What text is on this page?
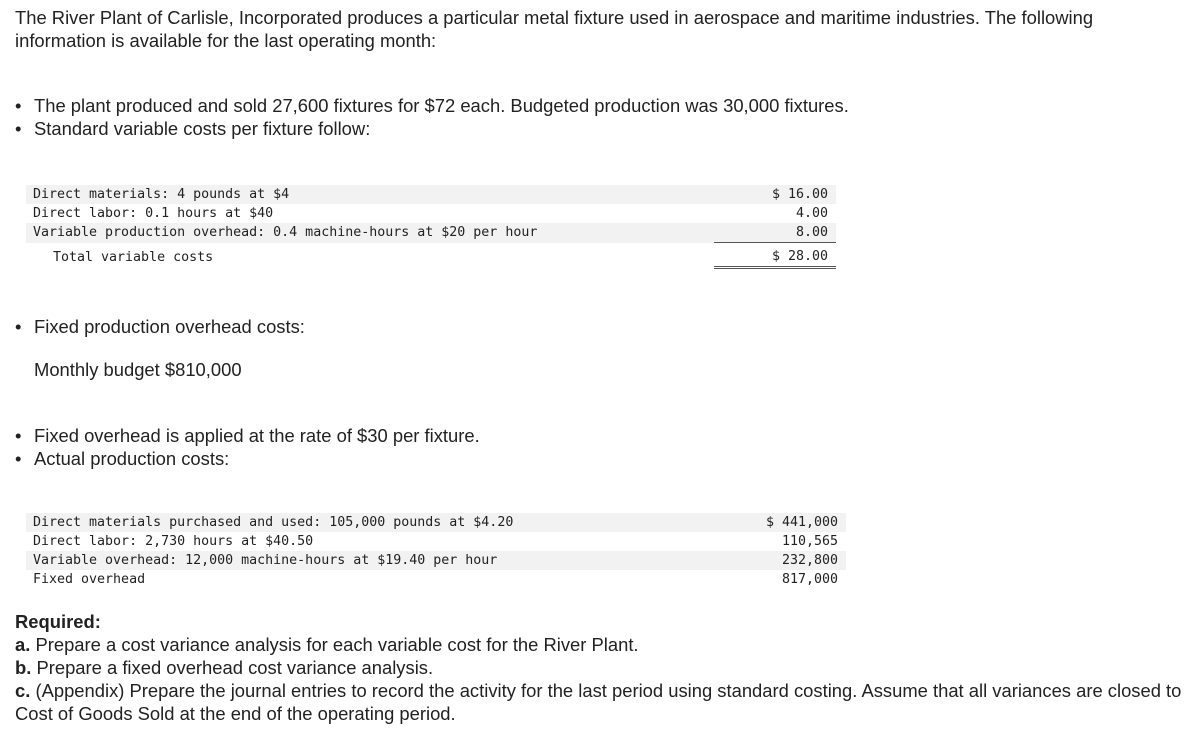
The River Plant of Carlisle, Incorporated produces a particular metal fixture used in aerospace and maritime industries. The following information is available for the last operating month:

• The plant produced and sold 27,600 fixtures for $72 each. Budgeted production was 30,000 fixtures.
• Standard variable costs per fixture follow:
Direct materials: 4 pounds at $4	$ 16.00
Direct labor: 0.1 hours at $40	4.00
Variable production overhead: 0.4 machine-hours at $20 per hour	8.00
Total variable costs	$ 28.00
• Fixed production overhead costs:

Monthly budget $810,000

• Fixed overhead is applied at the rate of $30 per fixture.
• Actual production costs:
Direct materials purchased and used: 105,000 pounds at $4.20	$ 441,000
Direct labor: 2,730 hours at $40.50	110,565
Variable overhead: 12,000 machine-hours at $19.40 per hour	232,800
Fixed overhead	817,000
Required:
a. Prepare a cost variance analysis for each variable cost for the River Plant.
b. Prepare a fixed overhead cost variance analysis.
c. (Appendix) Prepare the journal entries to record the activity for the last period using standard costing. Assume that all variances are closed to Cost of Goods Sold at the end of the operating period.
